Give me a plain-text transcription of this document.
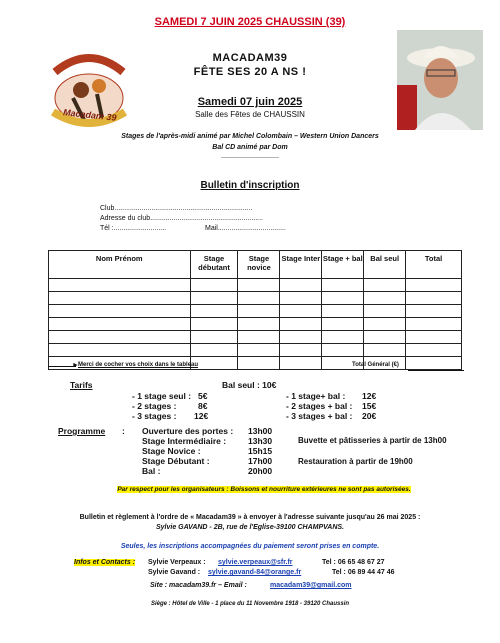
SAMEDI 7 JUIN 2025 CHAUSSIN (39)
COUNTRY
Macadam 39
MACADAM39
FÊTE SES 20 A NS !
Samedi 07 juin 2025
Salle des Fêtes de CHAUSSIN
Stages de l'après-midi animé par Michel Colombain – Western Union Dancers
Bal CD animé par Dom
_____________
Bulletin d'inscription
Club.......................................................................
Adresse du club..........................................................
Tél :...........................	Mail...................................
Nom Prénom	Stage débutant	Stage novice	Stage Inter	Stage + bal	Bal seul	Total

► Merci de cocher vos choix dans le tableau	Total Général (€)
Tarifs	Bal seul : 10€
- 1 stage seul : 5€
- 2 stages :	8€
- 3 stages : 12€
- 1 stage+ bal : 12€
- 2 stages + bal : 15€
- 3 stages + bal : 20€
Programme : Ouverture des portes : 13h00
Stage Intermédiaire :	13h30
Stage Novice :	15h15
Stage Débutant :	17h00
Bal :	20h00
Buvette et pâtisseries à partir de 13h00
Restauration à partir de 19h00
Par respect pour les organisateurs : Boissons et nourriture extérieures ne sont pas autorisées.
Bulletin et règlement à l'ordre de « Macadam39 » à envoyer à l'adresse suivante jusqu'au 26 mai 2025 :
Sylvie GAVAND - 2B, rue de l'Eglise-39100 CHAMPVANS.
Seules, les inscriptions accompagnées du paiement seront prises en compte.
Infos et Contacts : Sylvie Verpeaux : sylvie.verpeaux@sfr.fr	Tel : 06 65 48 67 27
Sylvie Gavand : sylvie.gavand-84@orange.fr	Tel : 06 89 44 47 46
Site : macadam39.fr – Email :	macadam39@gmail.com
Siège : Hôtel de Ville - 1 place du 11 Novembre 1918 - 39120 Chaussin
